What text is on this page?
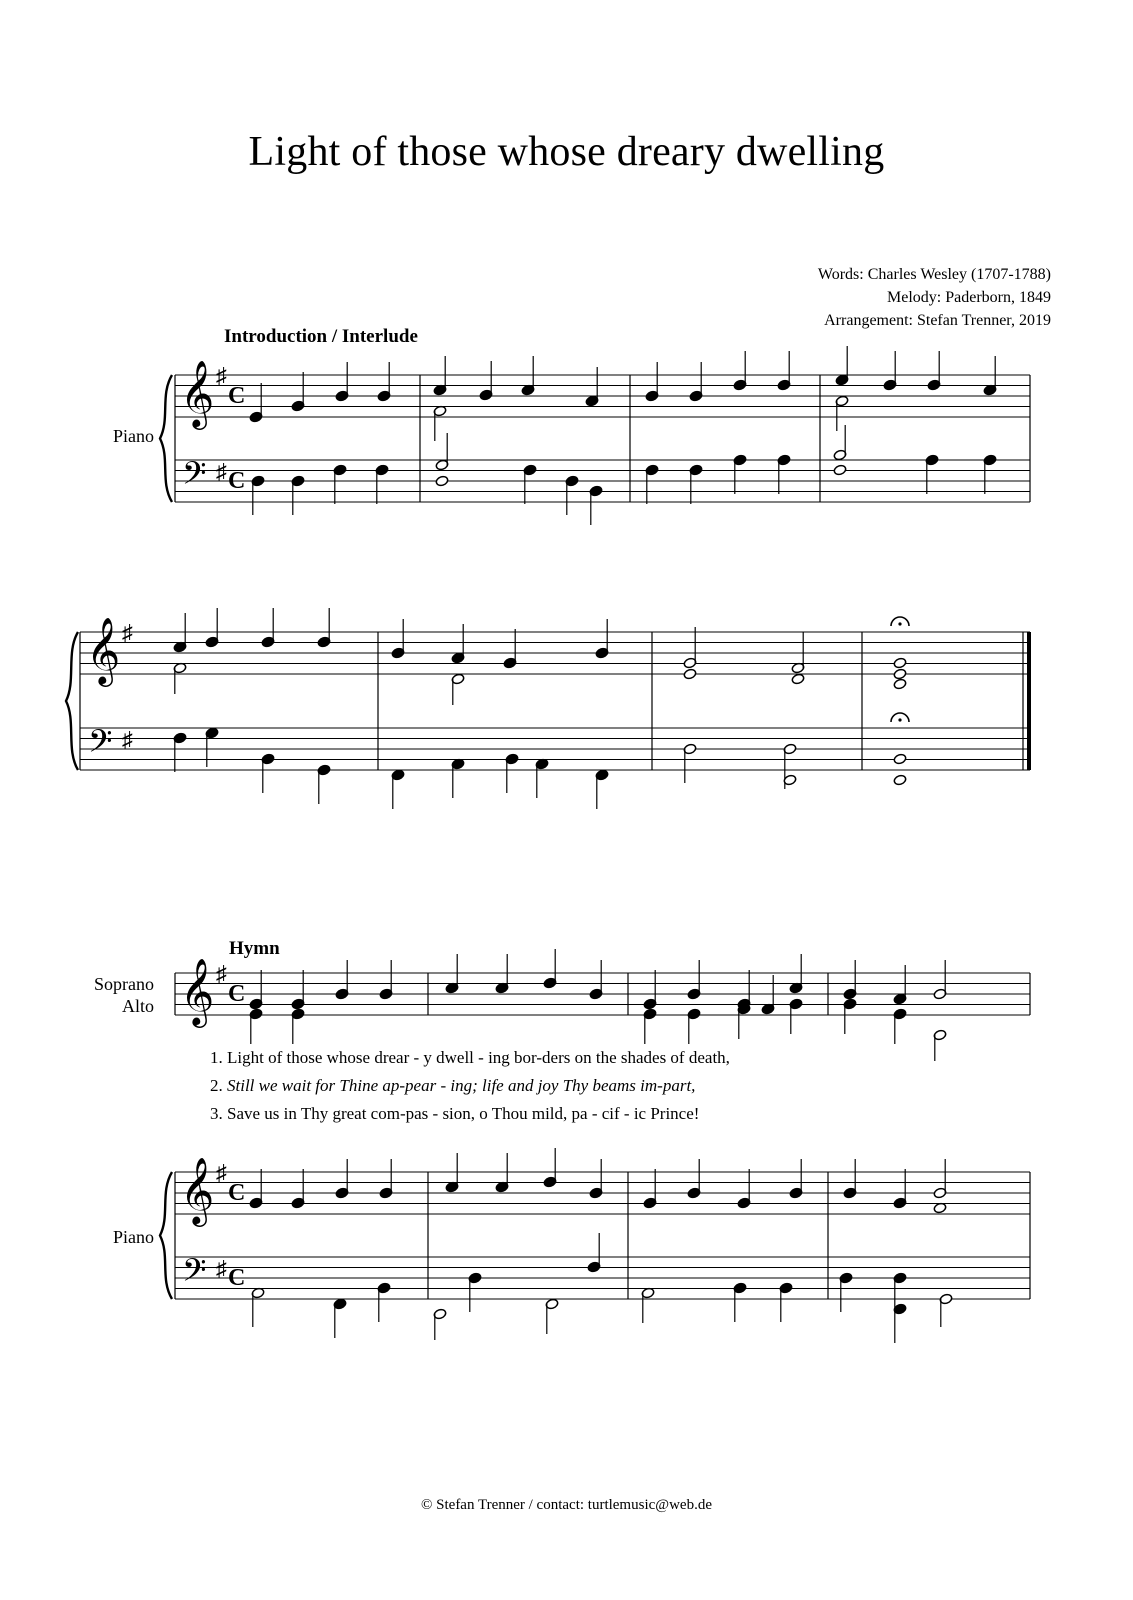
Light of those whose dreary dwelling
Words: Charles Wesley (1707-1788)
Melody: Paderborn, 1849
Arrangement: Stefan Trenner, 2019
Introduction / Interlude
Hymn
Piano
Soprano
Alto
Piano
1. Light of those whose drear - y dwell - ing bor-ders on the shades of death,
2. Still we wait for Thine ap-pear - ing; life and joy Thy beams im-part,
3. Save us in Thy great com-pas - sion, o Thou mild, pa - cif - ic Prince!
© Stefan Trenner / contact: turtlemusic@web.de
𝄞 ♯
C
𝄢 ♯ C
𝄞 ♯
𝄢 ♯
𝄞 ♯
C
𝄞 ♯
C
𝄢 ♯ C
